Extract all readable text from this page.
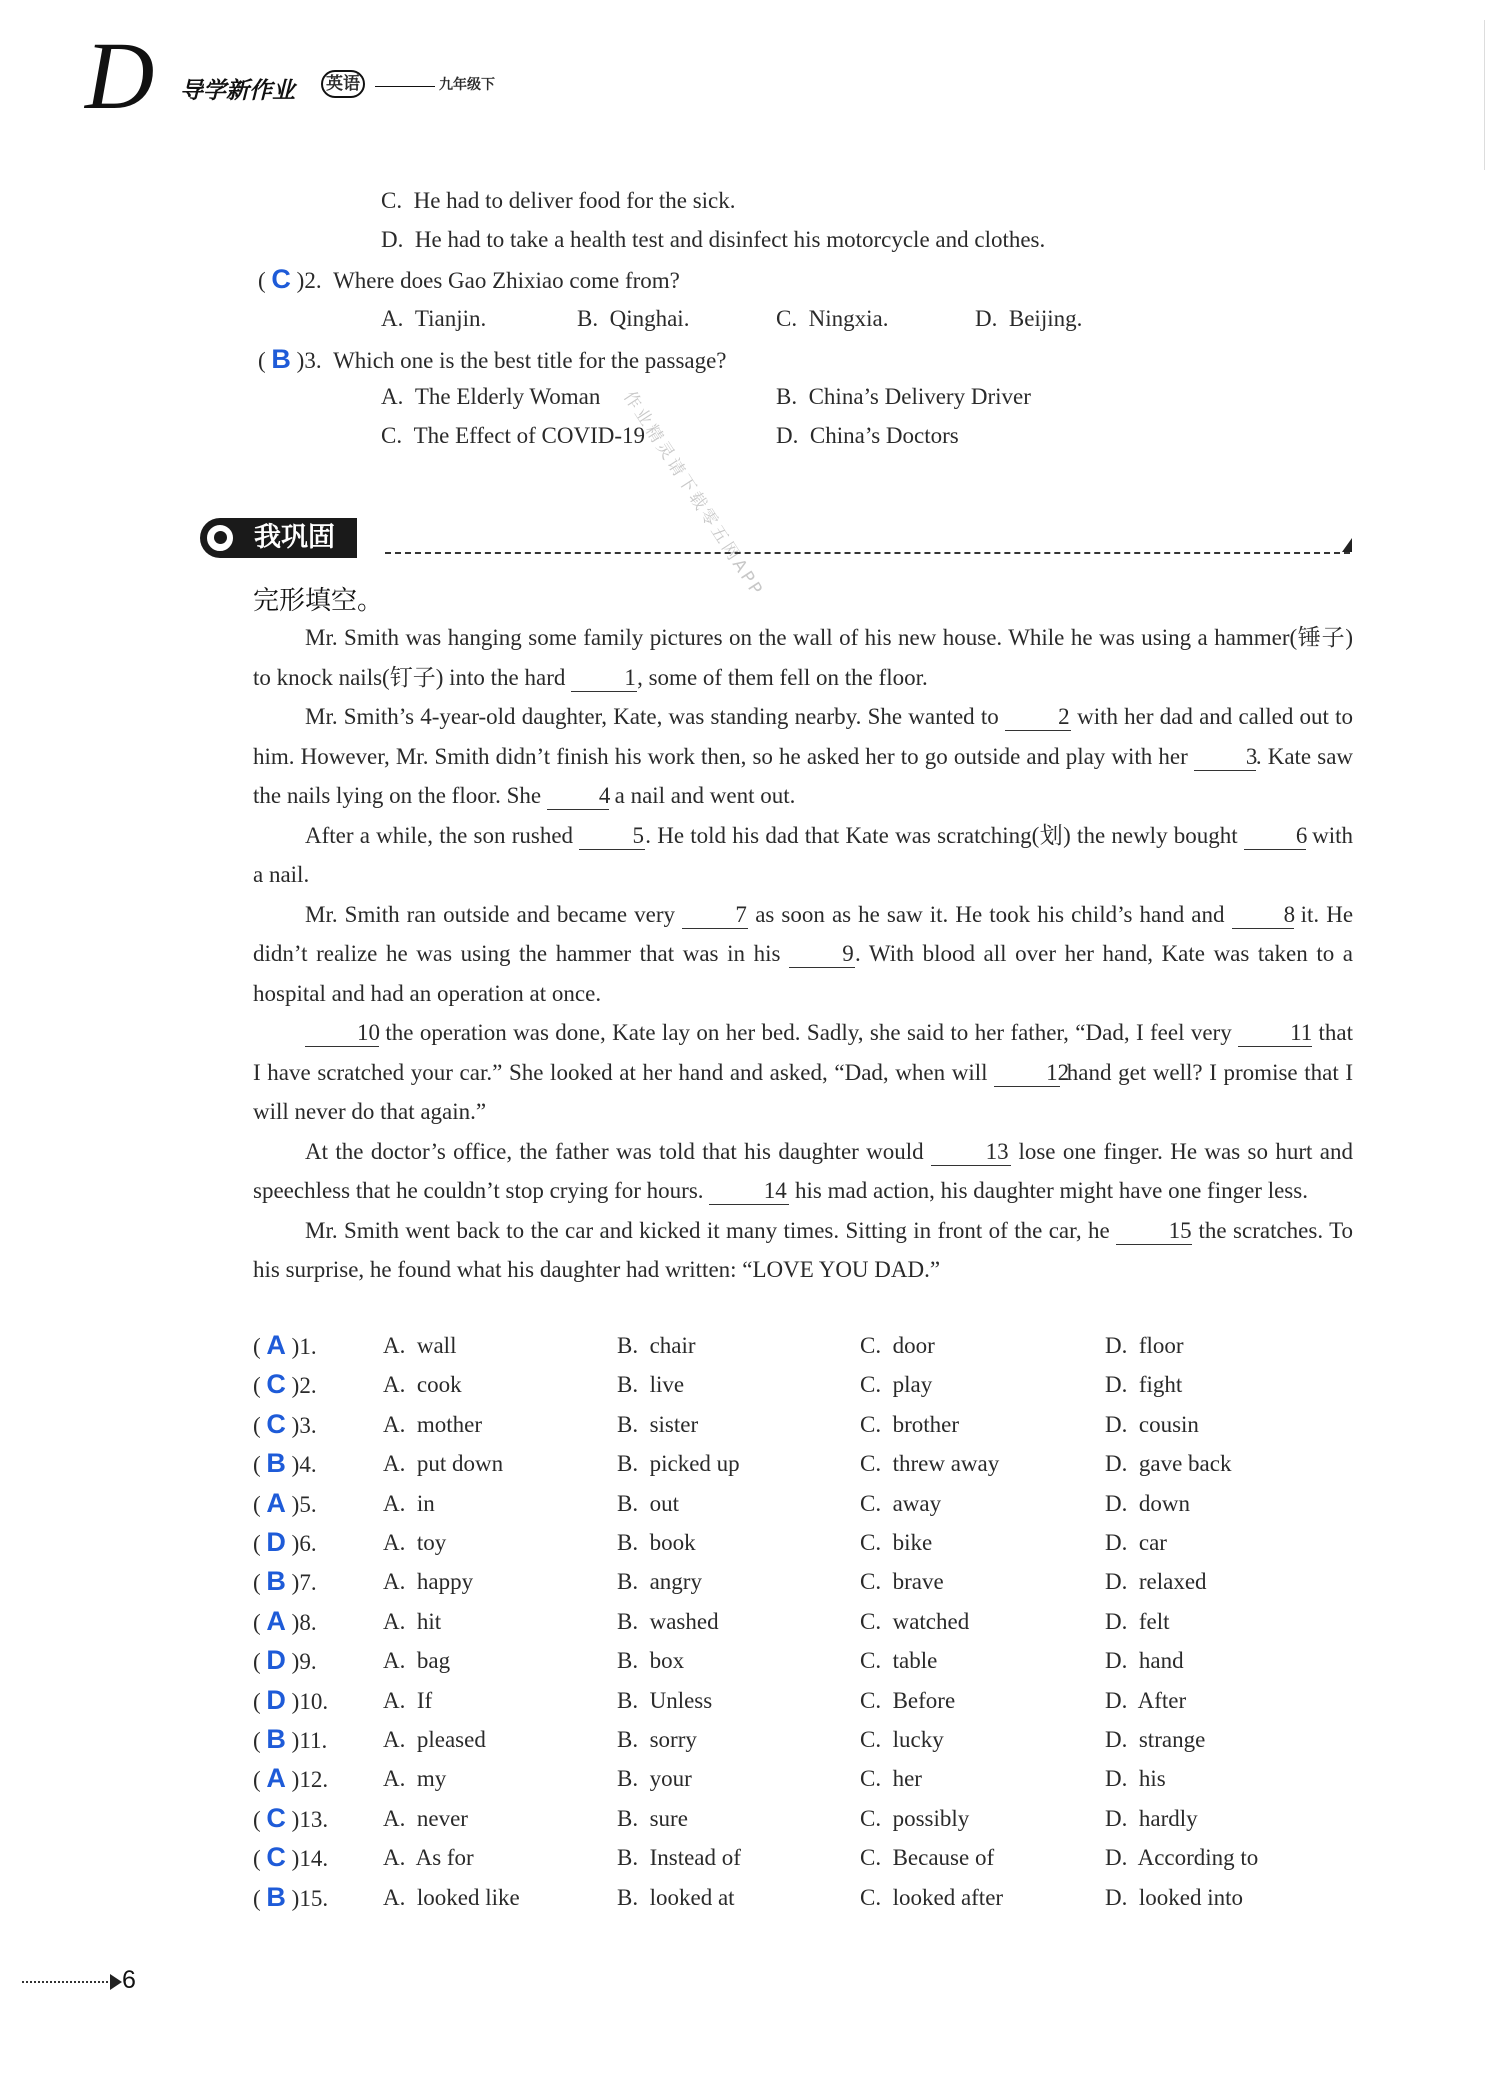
D 导学新作业 英语	九年级下
C. He had to deliver food for the sick.
D. He had to take a health test and disinfect his motorcycle and clothes.
( C )2. Where does Gao Zhixiao come from?
A. Tianjin.	B. Qinghai.	C. Ningxia.	D. Beijing.
( B )3. Which one is the best title for the passage?
A. The Elderly Woman	B. China’s Delivery Driver
C. The Effect of COVID-19	D. China’s Doctors
作业精灵请下载零五网APP
我巩固
完形填空。

Mr. Smith was hanging some family pictures on the wall of his new house. While he was using a hammer(锤子) to knock nails(钉子) into the hard	1, some of them fell on the floor.

Mr. Smith’s 4-year-old daughter, Kate, was standing nearby. She wanted to	2 with her dad and called out to him. However, Mr. Smith didn’t finish his work then, so he asked her to go outside and play with her	3. Kate saw the nails lying on the floor. She	4 a nail and went out.

After a while, the son rushed	5. He told his dad that Kate was scratching(划) the newly bought	6 with a nail.

Mr. Smith ran outside and became very	7 as soon as he saw it. He took his child’s hand and	8 it. He didn’t realize he was using the hammer that was in his	9. With blood all over her hand, Kate was taken to a hospital and had an operation at once.

10 the operation was done, Kate lay on her bed. Sadly, she said to her father, “Dad, I feel very	11 that I have scratched your car.” She looked at her hand and asked, “Dad, when will	12 hand get well? I promise that I will never do that again.”

At the doctor’s office, the father was told that his daughter would	13 lose one finger. He was so hurt and speechless that he couldn’t stop crying for hours.	14 his mad action, his daughter might have one finger less.

Mr. Smith went back to the car and kicked it many times. Sitting in front of the car, he	15 the scratches. To his surprise, he found what his daughter had written: “LOVE YOU DAD.”

( A )1.	A.  wall	B.  chair	C.  door	D.  floor
( C )2.	A.  cook	B.  live	C.  play	D.  fight
( C )3.	A.  mother	B.  sister	C.  brother	D.  cousin
( B )4.	A.  put down	B.  picked up	C.  threw away	D.  gave back
( A )5.	A.  in	B.  out	C.  away	D.  down
( D )6.	A.  toy	B.  book	C.  bike	D.  car
( B )7.	A.  happy	B.  angry	C.  brave	D.  relaxed
( A )8.	A.  hit	B.  washed	C.  watched	D.  felt
( D )9.	A.  bag	B.  box	C.  table	D.  hand
( D )10. A.  If	B.  Unless	C.  Before	D.  After
( B )11. A.  pleased	B.  sorry	C.  lucky	D.  strange
( A )12. A.  my	B.  your	C.  her	D.  his
( C )13. A.  never	B.  sure	C.  possibly	D.  hardly
( C )14. A.  As for	B.  Instead of	C.  Because of	D.  According to
( B )15. A.  looked like	B.  looked at	C.  looked after	D.  looked into
6
